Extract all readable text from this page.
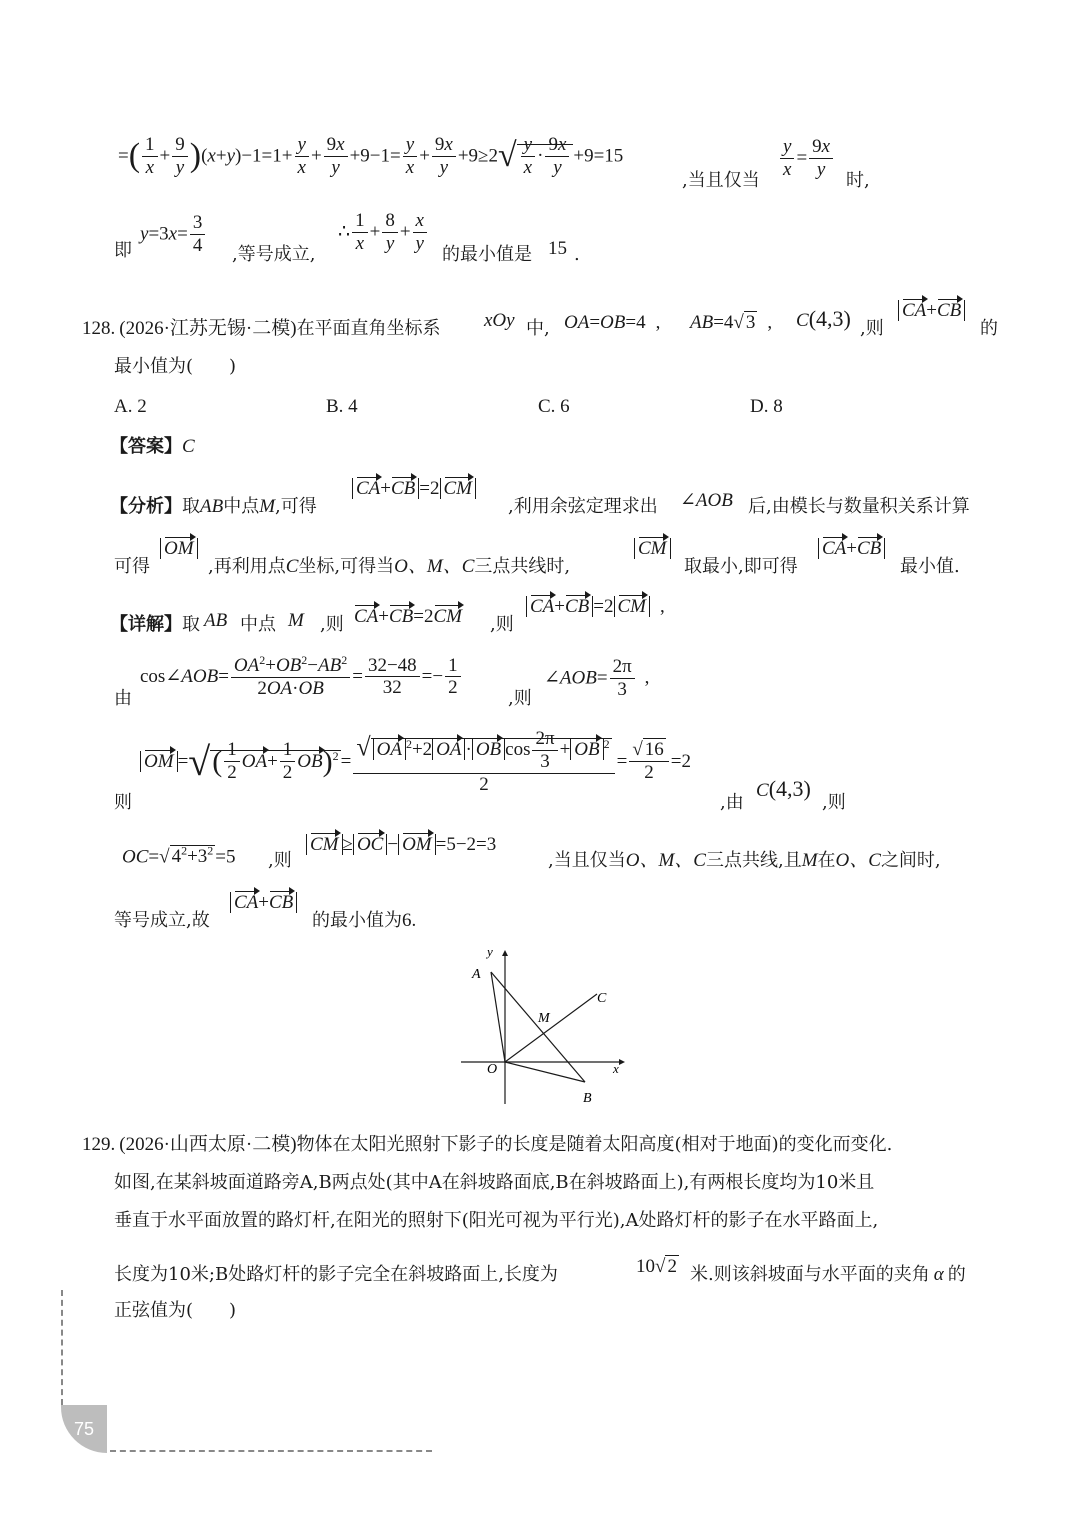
=( $\frac{1}{x} + \frac{9}{y} )(x+y)-1=1+ \frac{y}{x} + \frac{9x}{y} +9-1= \frac{y}{x} + \frac{9x}{y} +9\ge 2√ \frac{y}{x} \cdot \frac{9x}{y} +9=15$
,当且仅当 $\frac{y}{x} = \frac{9x}{y}$ 时,
即
$y=3x= \frac{3}{4}$ ,等号成立,
∴ $\frac{1}{x} + \frac{8}{y} + \frac{x}{y}$ 的最小值是 15 .
128. (2026·江苏无锡·二模)在平面直角坐标系 xOy 中, OA=OB=4 , AB=4√ 3 , C(4,3) ,则
CA+CB
的
最小值为(　　)
A. 2	B. 4	C. 6	D. 8
【答案】C
【分析】取AB中点M,可得
CA+CB =2 CM
,利用余弦定理求出 ∠AOB 后,由模长与数量积关系计算
可得
OM
,再利用点C坐标,可得当O、M、C三点共线时,
CM
取最小,即可得
CA+CB
最小值.
【详解】取 AB 中点 M ,则 CA+CB=2CM ,则
CA+CB =2 CM ,
由
cos∠AOB= $\frac{OA^2+OB^2-AB^2}{2OA\cdot OB} = \frac{32-48}{32} =- \frac{1}{2}$	,则
∠AOB= $\frac{2\pi}{3}$ ,
则
OM =√( $\frac{1}{2} OA+ \frac{1}{2} OB)^2 = \frac{√ OA ^2+2 OA \cdot OB \cos \frac{2\pi}{3} + OB ^2}{2} = \frac{√ 16}{2} =2$
,由
C(4,3)
,则
OC=√ $4^2+3^2 =5$ ,则
CM ≥ OC − OM =5−2=3
,当且仅当O、M、C三点共线,且M在O、C之间时,
等号成立,故
CA+CB
的最小值为6.
y
x
A
C
M
O
B
129. (2026·山西太原·二模)物体在太阳光照射下影子的长度是随着太阳高度(相对于地面)的变化而变化.
如图,在某斜坡面道路旁A,B两点处(其中A在斜坡路面底,B在斜坡路面上),有两根长度均为10米且
垂直于水平面放置的路灯杆,在阳光的照射下(阳光可视为平行光),A处路灯杆的影子在水平路面上,
长度为10米;B处路灯杆的影子完全在斜坡路面上,长度为	10√ 2 米.则该斜坡面与水平面的夹角 α 的
正弦值为(　　)
75
